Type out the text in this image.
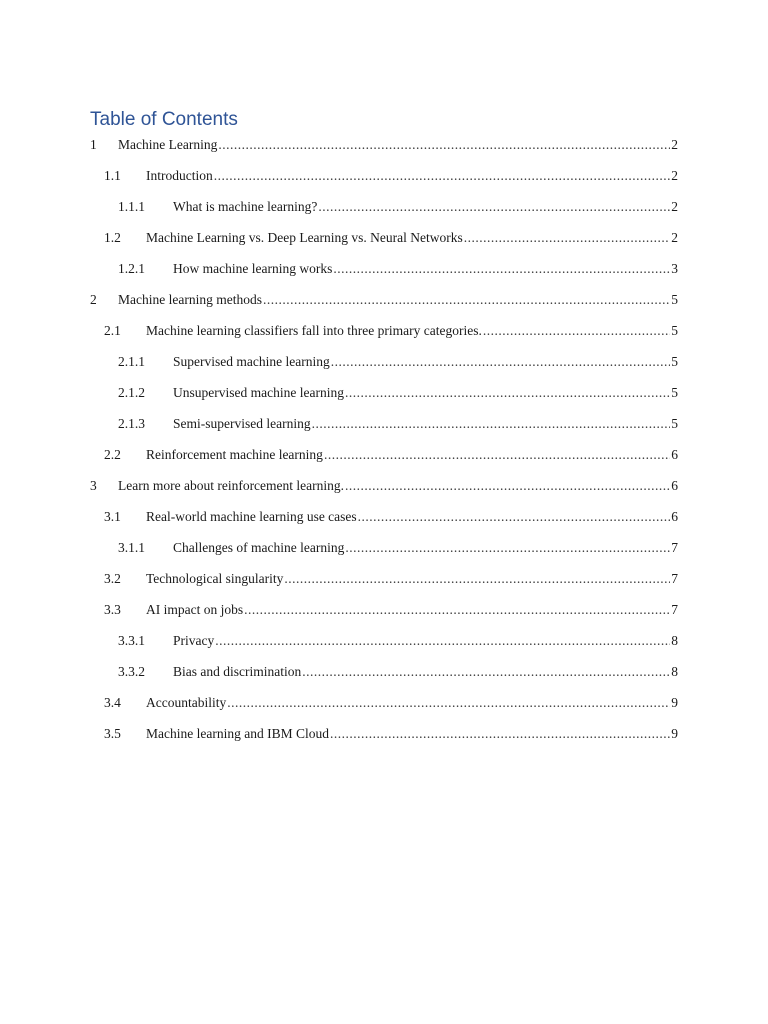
Table of Contents
1	Machine Learning .....	2
1.1	Introduction .....	2
1.1.1	What is machine learning? .....	2
1.2	Machine Learning vs. Deep Learning vs. Neural Networks .....	2
1.2.1	How machine learning works .....	3
2	Machine learning methods .....	5
2.1	Machine learning classifiers fall into three primary categories. .....	5
2.1.1	Supervised machine learning .....	5
2.1.2	Unsupervised machine learning .....	5
2.1.3	Semi-supervised learning .....	5
2.2	Reinforcement machine learning .....	6
3	Learn more about reinforcement learning. .....	6
3.1	Real-world machine learning use cases .....	6
3.1.1	Challenges of machine learning .....	7
3.2	Technological singularity .....	7
3.3	AI impact on jobs .....	7
3.3.1	Privacy .....	8
3.3.2	Bias and discrimination .....	8
3.4	Accountability .....	9
3.5	Machine learning and IBM Cloud .....	9
